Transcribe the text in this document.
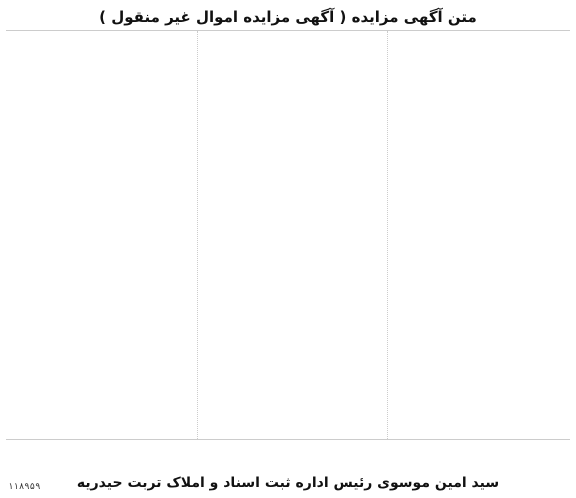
متن آگهی مزایده ( آگهی مزایده اموال غیر منقول )

سید امین موسوی رئیس اداره ثبت اسناد و املاک تربت حیدریه
۱۱۸۹۵۹
